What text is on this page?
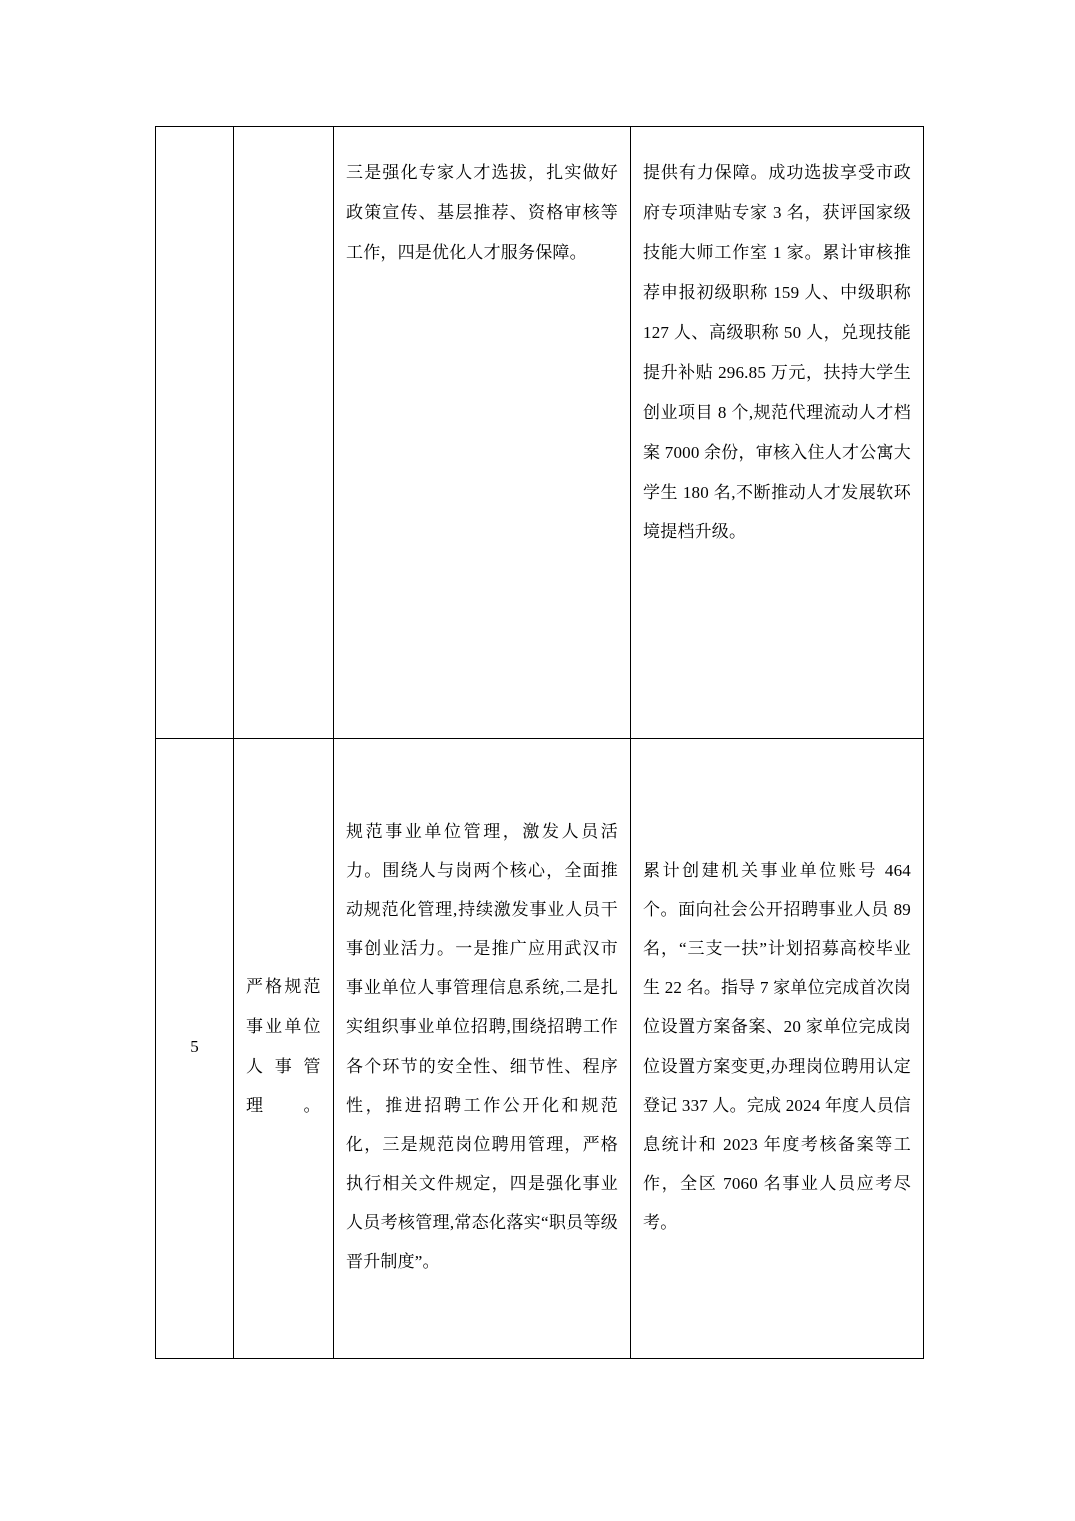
		三是强化专家人才选拔，扎实做好政策宣传、基层推荐、资格审核等工作，四是优化人才服务保障。	提供有力保障。成功选拔享受市政府专项津贴专家 3 名，获评国家级技能大师工作室 1 家。累计审核推荐申报初级职称 159 人、中级职称 127 人、高级职称 50 人，兑现技能提升补贴 296.85 万元，扶持大学生创业项目 8 个,规范代理流动人才档案 7000 余份，审核入住人才公寓大学生 180 名,不断推动人才发展软环境提档升级。
5	严格规范事业单位人事管理。	规范事业单位管理，激发人员活力。围绕人与岗两个核心，全面推动规范化管理,持续激发事业人员干事创业活力。一是推广应用武汉市事业单位人事管理信息系统,二是扎实组织事业单位招聘,围绕招聘工作各个环节的安全性、细节性、程序性，推进招聘工作公开化和规范化，三是规范岗位聘用管理，严格执行相关文件规定，四是强化事业人员考核管理,常态化落实“职员等级晋升制度”。	累计创建机关事业单位账号 464 个。面向社会公开招聘事业人员 89 名，“三支一扶”计划招募高校毕业生 22 名。指导 7 家单位完成首次岗位设置方案备案、20 家单位完成岗位设置方案变更,办理岗位聘用认定登记 337 人。完成 2024 年度人员信息统计和 2023 年度考核备案等工作，全区 7060 名事业人员应考尽考。
